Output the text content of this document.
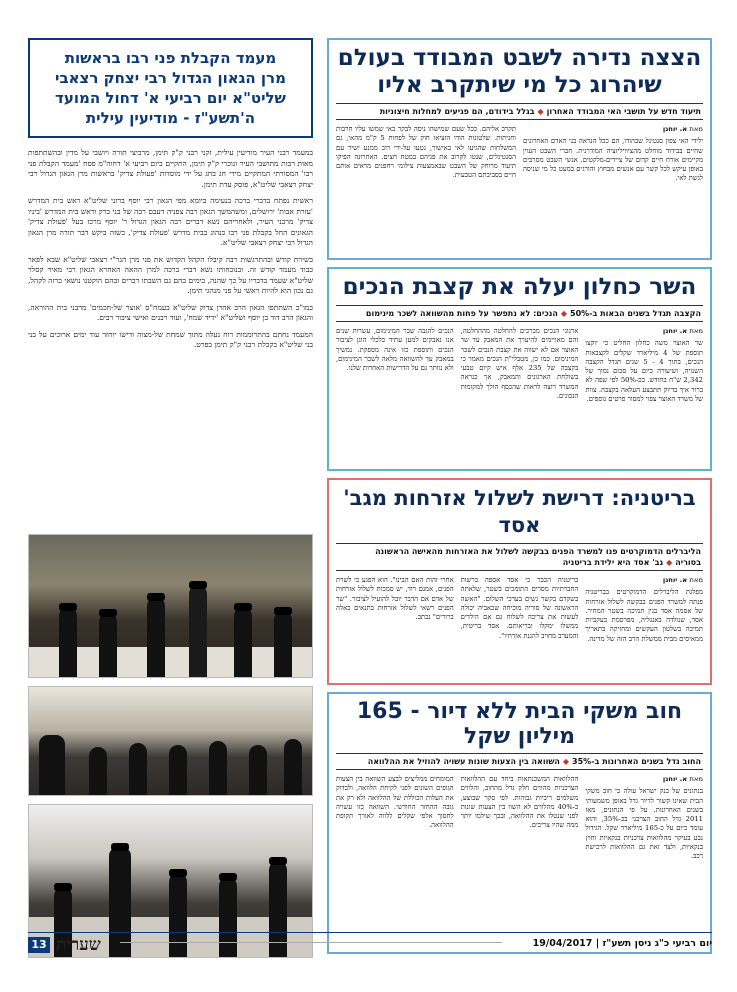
מעמד הקבלת פני רבו בראשות
מרן הגאון הגדול רבי יצחק רצאבי שליט"א יום רביעי א' דחול המועד
ה'תשע"ז - מודיעין עילית

במעמד רבני העיר מודיעין עילית, זקני רבני ק"ק תימן, מרביצי תורה ויושבי על מדין ובהשתתפות מאות רבות מתושבי העיר ונוכרי ק"ק תימן, התקיים ביום רביעי א' דחוה"מ פסח 'מעמד הקבלת פני רבו' המסורתי המתקיים מידי חג בחג על ידי מוסדות 'פעולת צדיק' בראשות מרן הגאון הגדול רבי יצחק רצאבי שליט"א, פוסק עדת תימן.

ראשית נפתח בדברי ברכה בנעימה ביומא מפי הגאון רבי יוסף ברזני שליט"א ראש בית המדרש 'עזרת אבות' ירושלים, ומשהמשך הגאון רבה צפניה דעבם רבה של בני ברק וראש בית המדרש 'ביניו צדיק' מרבני העיר, ולאחריהם נשא דברים רבה הגאון הגדול ר' יוסף מרכז בעל 'פעולת צדיק' הגאונים החל בקבלת פני רבו כנהוג בבית מדרש 'פעולת צדיק', כשזה ביקש דבר תורה מרן הגאון הגדול רבי יצחק רצאבי שליט"א.

בשירת קודש ובהתרגשות רבה קיבלו הקהל הקדוש את פני מרן הגר"י רצאבי שליט"א שבא לפאר כבוד מעמד קודש זה. ובנוכחותו נשא דברי ברכה למרן ההאה האחרא הגאון רבי מאיר קסלר שליט"א שעמד בדבריו על כך שהנה, בימים בהם גם השבתו דברים ובהם הוקטנו נושאי כרזה לקהל, גם נכון הוא להיות ראשי על פני מנהגי תימן.

כמו"כ השתתפו הגאון הרב אהרן צדוק שליט"א בעמח"ס 'אוצר של-חכמים' מרבני בית ההוראה, והגאון הרב דוד בן יוסף ושליט"א 'ידיד שמח', ועוד רבנים ואישי ציבור רבים.

המעמד נחתם בהתרוממות רוח נעלה מתוך שמחת של-מצוה ודישו יוחזר עוד ימים ארוכים על בני בני שליט"א בקבלת רבני ק"ק תימן בפרט.

הצצה נדירה לשבט המבודד בעולם שיהרוג כל מי שיתקרב אליו
תיעוד חדש על תושבי האי המבודד האחרון◆בגלל בידודם, הם פגיעים למחלות חיצוניות
מאת א. יוחנן
ילידי האי צפון סנטינל שבהודו, הם ככל הנראה בני האדם האחרונים שחיים בבידוד מוחלט מהציוויליזציה המודרנית. חברי השבט העוין מקיימים אורח חיים קדום של ציידים-מלקטים. אנשי השבט מסרבים באופן עיקש לכל קשר עם אנשים מבחוץ והורגים כמעט כל מי שניסה לגשת לאי.
תקרב אליהם. ככל שעם שמישהו ניסה לבקר באי שמשו עליו חרבות וחניתות. שלטונות הודו הוציאו חוק של לפחות 5 ק"מ מהאי, גם המשלחות שהגיעו לאי באישור, נטעו על-ידי רוב ממנע ישיר עם הסנטינלים, שנטו לקרוב את פניהם במטח חצים. האחרונה הפיקו תיעוד מרוחק של השבט שבאמצעות צילומי רחפנים מראים אותם חיים בסביבתם הטבעית.
השר כחלון יעלה את קצבת הנכים
הקצבה תגדל בשנים הבאות ב-50%◆הנכים: לא נתפשר על פחות מהשוואה לשכר מינימום
מאת א. יוחנן
שר האוצר משה כחלון החליט כי יוקצו תוספת של 4 מיליארד שקלים לקצבאות הנכים, בתוך 4 - 5 שנים תגדל הקצבה השנויה, ושיעורה כיום על סכום נמוך של 2,342 ש"ח בחודש. בכ-50% לפי שפה לא ברור איך בדיוק תתבצע העלאה בקצבה. צוות של משרד האוצר צפוי למסור פרטים נוספים.
ארגוני הנכים מברכים להחלטה מההחלטה, והם מאויימים להיערך את המאבק עד שר האוצר אם לא ישווה את קצבת הנכים לשכר המינימום. כמו כן, מטבלי"ת הנכים מאמר כי בקצבה של 235 אלף איש קיום טבעי בשולחת הארגונים והמאבק, אך כנראה המשרד רוצה לראות שהכסף הולך למקומות הנכונים.
הנכים להגבה שכר המינימום, עשרות שנים אנו נאבקים למען עתיד כלכלי הוגן לציבור הנכים ותוספת כזו אינה מספקת. נמשיך במאבק עד להשוואה מלאה לשכר המינימום, ולא נוותר גם על הדרישות האחרות שלנו.
בריטניה: דרישת לשלול אזרחות מגב' אסד
הליברלים הדמוקרטים פנו למשרד הפנים בבקשה לשלול את האזרחות מהאישה הראשונה בסוריה◆גב' אסד היא ילידת בריטניה
מאת א. יוחנן
מפלגת הליברלים הדמוקרטים בבריטניה פנתה למשרד הפנים בבקשה לשלול אזרחות של אסמה אסד בגין תמיכה בשטר המחיר. אסד, שנולדה באנגליה, מפרסמת בעקביות תמיכה בשלטון העקשים ומחזיקה בתאריך ממאיסים מבית ממשלת הרב הזה של מדינה.
בריטניה הכבר כי אסד אספה ברשות החברתיות מסרים התומכים בשטר, שלאתה בשקדם בקשר נשים בערכי השלום. "האשה הראשונה של סוריה מוכיחה שכאביה יכולה לעשות את צריכה לשלוח גם אם הילדים ממשלו ימקלו ובריאותם. אסד בריטית, והמערב מחויב להגנת אזרחיו".
אחרי זהות האם הבינו". הוא הפגע כי לשרת הפנים, אמנם רוד, יש סמכות לשלול אזרחות של אדם אם הדבר יובל להועיל לציבור. "שר הפנים רשאי לשלול אזרחות בתנאים כאלה ברורים" נכתב.
חוב משקי הבית ללא דיור - 165 מיליון שקל
החוב גדל בשנים האחרונות ב-35%◆השוואה בין הצעות שונות עשויה להוזיל את ההלוואה
מאת א. יוחנן
בנתונים של בנק ישראל עולה כי חוב משקי הבית שאינו קשור לדיור גדל באופן משמעותי בשנים האחרונות. על פי הנתונים, מאז 2011 גדל החוב הצרכני בכ-35%, והוא עומד כיום על כ-165 מיליארד שקל. הגידול נבע בעיקר מהלוואות צרכניות בנקאיות וחוץ בנקאיות, ולצד זאת גם ההלוואות לרכישת רכב.
ההלוואות המשכנתאות ביחד עם ההלוואות הצרכניות מהווים חלק גדל מהחוב, והלווים משלמים ריביות גבוהות. לפי סקר שבוצע, כ-40% מהלווים לא השוו בין הצעות שונות לפני שנטלו את ההלוואה, ובכך שילמו יותר ממה שהיו צריכים.
המומחים ממליצים לבצע השוואה בין הצעות הגופים השונים לפני לקיחת הלוואה, ולבדוק את העלות הכוללת של ההלוואה ולא רק את גובה ההחזר החודשי. השוואה כזו עשויה לחסוך אלפי שקלים ללווה לאורך תקופת ההלוואה.
13 שערית	יום רביעי כ"ג ניסן תשע"ז | 19/04/2017
